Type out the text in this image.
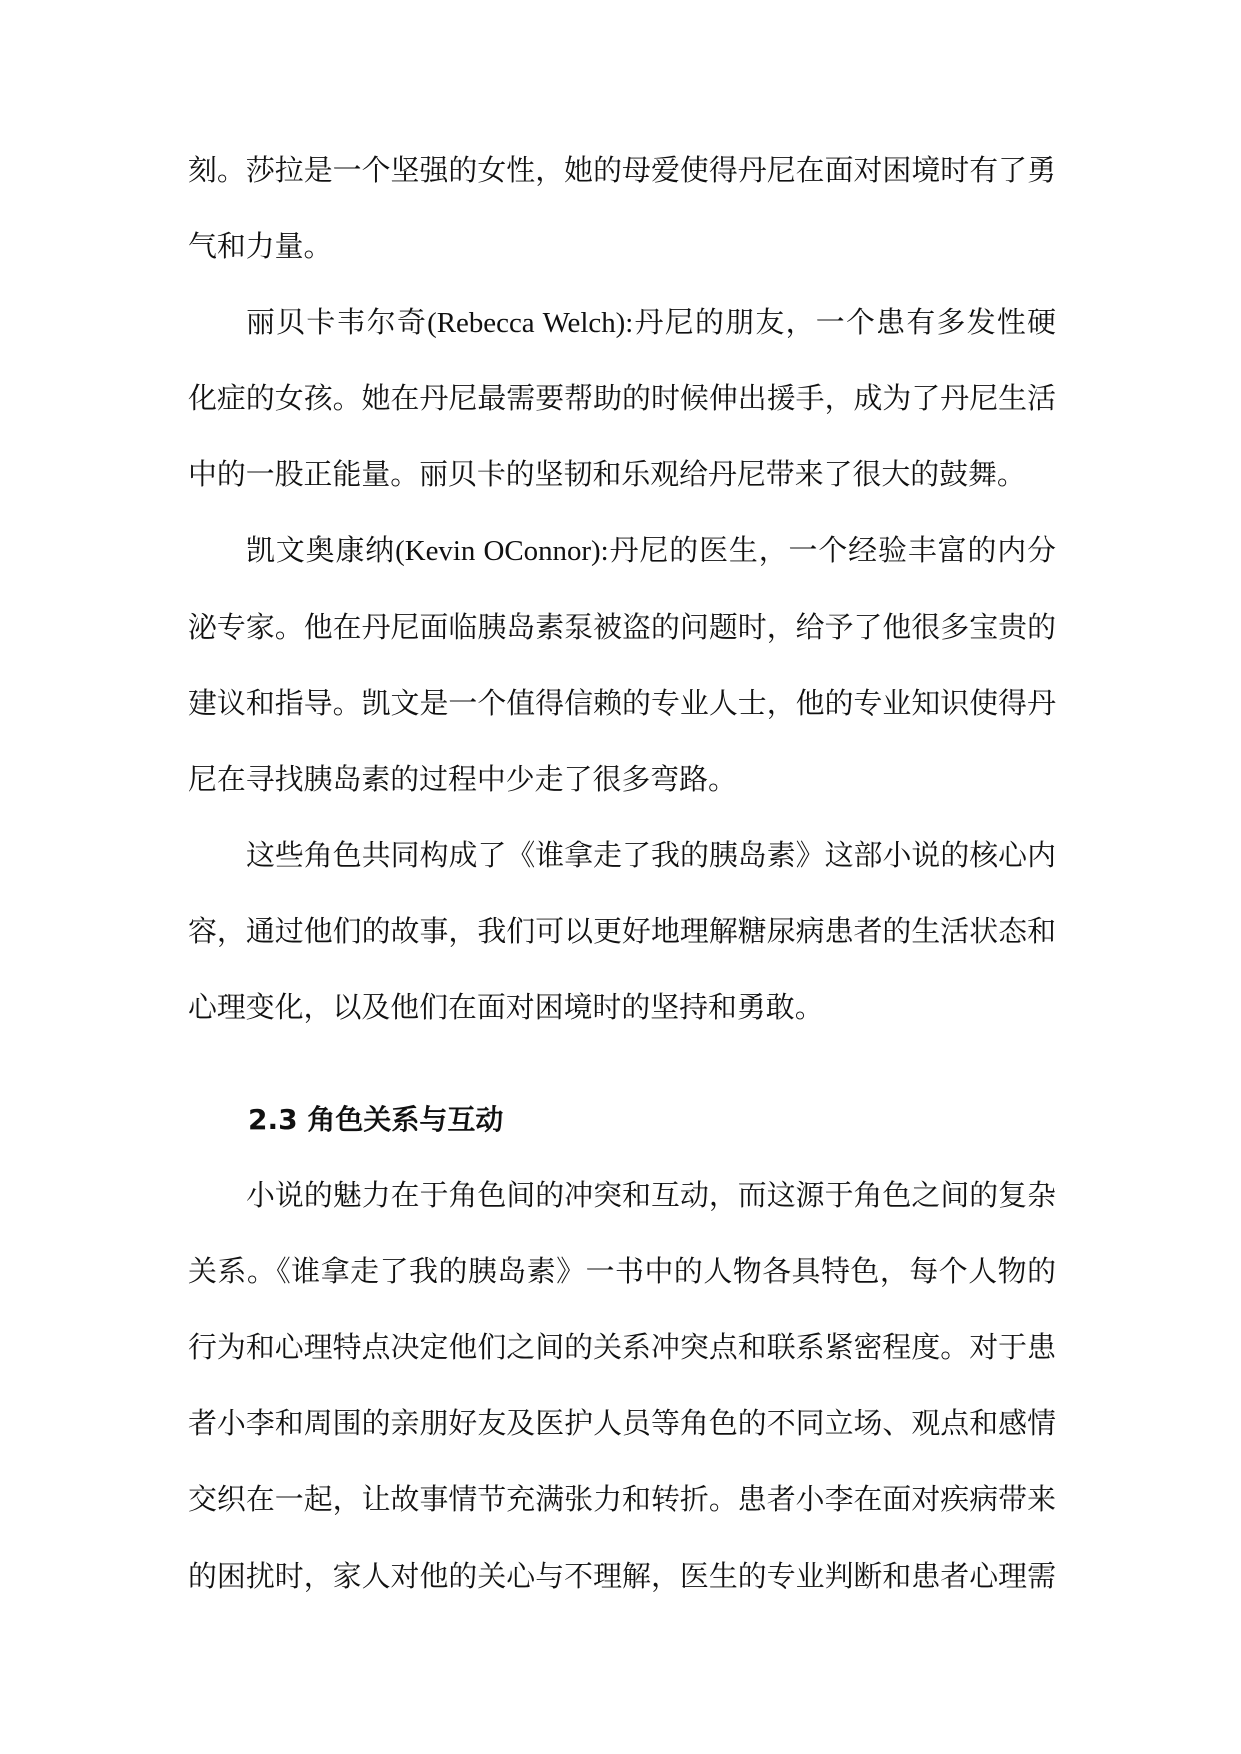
刻。莎拉是一个坚强的女性，她的母爱使得丹尼在面对困境时有了勇
气和力量。
丽贝卡韦尔奇(Rebecca Welch):丹尼的朋友，一个患有多发性硬
化症的女孩。她在丹尼最需要帮助的时候伸出援手，成为了丹尼生活
中的一股正能量。丽贝卡的坚韧和乐观给丹尼带来了很大的鼓舞。
凯文奥康纳(Kevin OConnor):丹尼的医生，一个经验丰富的内分
泌专家。他在丹尼面临胰岛素泵被盗的问题时，给予了他很多宝贵的
建议和指导。凯文是一个值得信赖的专业人士，他的专业知识使得丹
尼在寻找胰岛素的过程中少走了很多弯路。
这些角色共同构成了《谁拿走了我的胰岛素》这部小说的核心内
容，通过他们的故事，我们可以更好地理解糖尿病患者的生活状态和
心理变化，以及他们在面对困境时的坚持和勇敢。
2.3 角色关系与互动
小说的魅力在于角色间的冲突和互动，而这源于角色之间的复杂
关系。《谁拿走了我的胰岛素》一书中的人物各具特色，每个人物的
行为和心理特点决定他们之间的关系冲突点和联系紧密程度。对于患
者小李和周围的亲朋好友及医护人员等角色的不同立场、观点和感情
交织在一起，让故事情节充满张力和转折。患者小李在面对疾病带来
的困扰时，家人对他的关心与不理解，医生的专业判断和患者心理需
